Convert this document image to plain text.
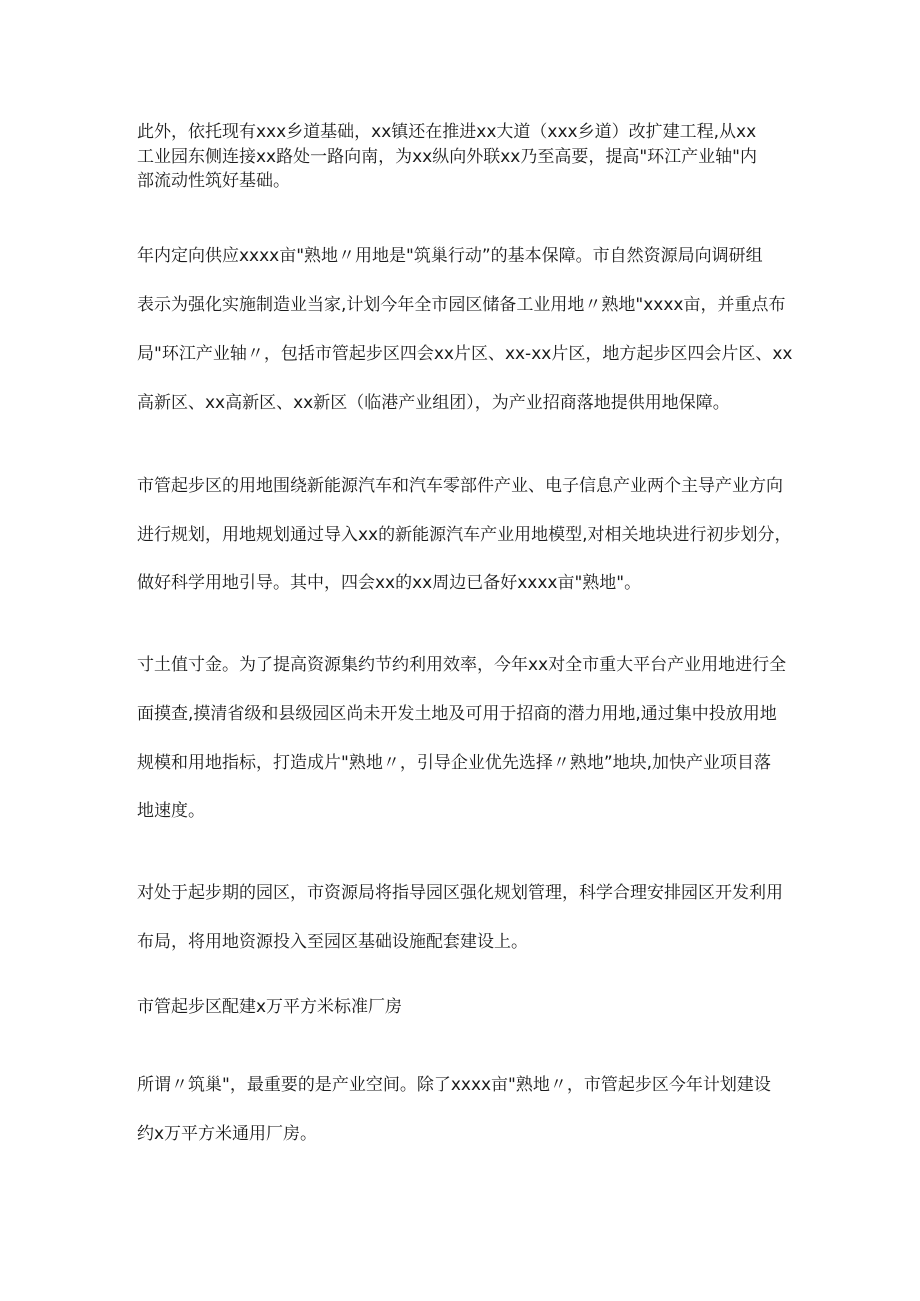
此外，依托现有xxx乡道基础，xx镇还在推进xx大道（xxx乡道）改扩建工程,从xx
工业园东侧连接xx路处一路向南，为xx纵向外联xx乃至高要，提高"环江产业轴"内
部流动性筑好基础。
年内定向供应xxxx亩"熟地〃用地是"筑巢行动”的基本保障。市自然资源局向调研组
表示为强化实施制造业当家,计划今年全市园区储备工业用地〃熟地"xxxx亩，并重点布
局"环江产业轴〃，包括市管起步区四会xx片区、xx-xx片区，地方起步区四会片区、xx
高新区、xx高新区、xx新区（临港产业组团），为产业招商落地提供用地保障。
市管起步区的用地围绕新能源汽车和汽车零部件产业、电子信息产业两个主导产业方向
进行规划，用地规划通过导入xx的新能源汽车产业用地模型,对相关地块进行初步划分，
做好科学用地引导。其中，四会xx的xx周边已备好xxxx亩"熟地"。
寸土值寸金。为了提高资源集约节约利用效率，今年xx对全市重大平台产业用地进行全
面摸查,摸清省级和县级园区尚未开发土地及可用于招商的潜力用地,通过集中投放用地
规模和用地指标，打造成片"熟地〃，引导企业优先选择〃熟地”地块,加快产业项目落
地速度。
对处于起步期的园区，市资源局将指导园区强化规划管理，科学合理安排园区开发利用
布局，将用地资源投入至园区基础设施配套建设上。
市管起步区配建x万平方米标准厂房
所谓〃筑巢"，最重要的是产业空间。除了xxxx亩"熟地〃，市管起步区今年计划建设
约x万平方米通用厂房。
